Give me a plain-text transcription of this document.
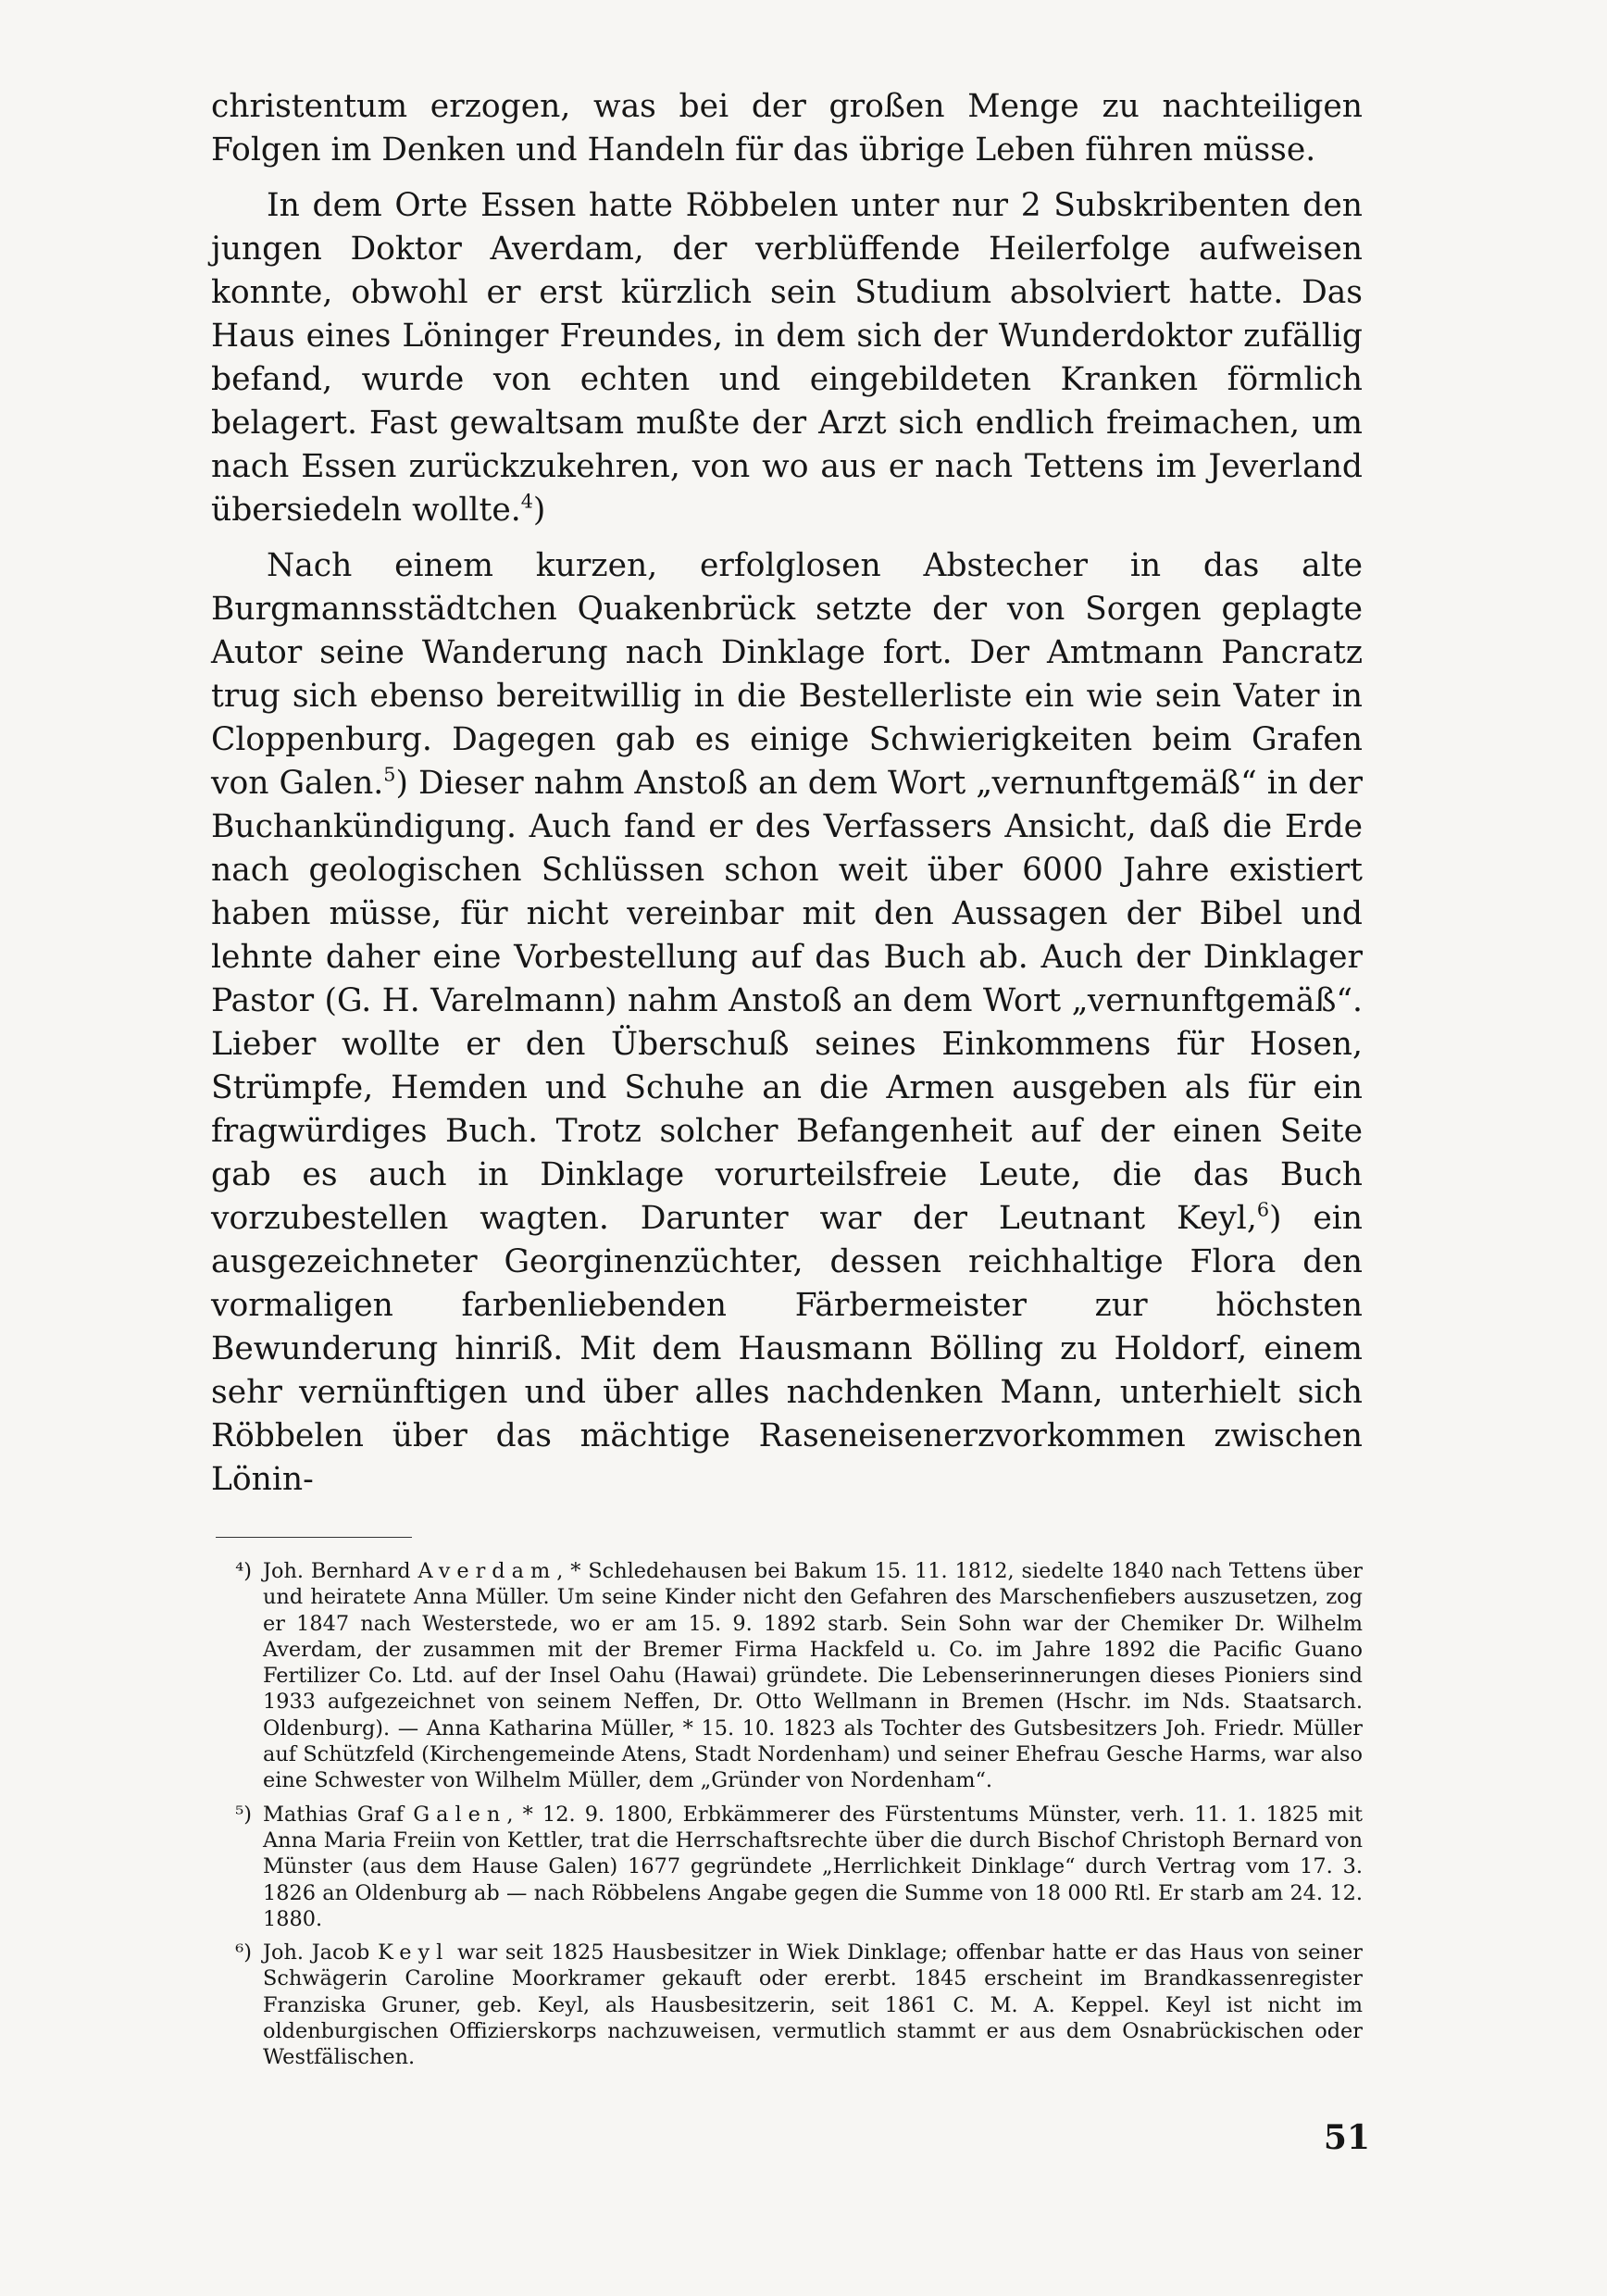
christentum erzogen, was bei der großen Menge zu nachteiligen Folgen im Denken und Handeln für das übrige Leben führen müsse.

In dem Orte Essen hatte Röbbelen unter nur 2 Subskribenten den jungen Doktor Averdam, der verblüffende Heilerfolge aufweisen konnte, obwohl er erst kürzlich sein Studium absolviert hatte. Das Haus eines Löninger Freundes, in dem sich der Wunderdoktor zufällig befand, wurde von echten und eingebildeten Kranken förmlich belagert. Fast gewaltsam mußte der Arzt sich endlich freimachen, um nach Essen zurückzukehren, von wo aus er nach Tettens im Jeverland übersiedeln wollte.$^4$)

Nach einem kurzen, erfolglosen Abstecher in das alte Burgmannsstädtchen Quakenbrück setzte der von Sorgen geplagte Autor seine Wanderung nach Dinklage fort. Der Amtmann Pancratz trug sich ebenso bereitwillig in die Bestellerliste ein wie sein Vater in Cloppenburg. Dagegen gab es einige Schwierigkeiten beim Grafen von Galen.$^5$) Dieser nahm Anstoß an dem Wort „vernunftgemäß“ in der Buchankündigung. Auch fand er des Verfassers Ansicht, daß die Erde nach geologischen Schlüssen schon weit über 6000 Jahre existiert haben müsse, für nicht vereinbar mit den Aussagen der Bibel und lehnte daher eine Vorbestellung auf das Buch ab. Auch der Dinklager Pastor (G. H. Varelmann) nahm Anstoß an dem Wort „vernunftgemäß“. Lieber wollte er den Überschuß seines Einkommens für Hosen, Strümpfe, Hemden und Schuhe an die Armen ausgeben als für ein fragwürdiges Buch. Trotz solcher Befangenheit auf der einen Seite gab es auch in Dinklage vorurteilsfreie Leute, die das Buch vorzubestellen wagten. Darunter war der Leutnant Keyl,$^6$) ein ausgezeichneter Georginenzüchter, dessen reichhaltige Flora den vormaligen farbenliebenden Färbermeister zur höchsten Bewunderung hinriß. Mit dem Hausmann Bölling zu Holdorf, einem sehr vernünftigen und über alles nachdenken Mann, unterhielt sich Röbbelen über das mächtige Raseneisenerzvorkommen zwischen Lönin-

⁴) Joh. Bernhard Averdam, * Schledehausen bei Bakum 15. 11. 1812, siedelte 1840 nach Tettens über und heiratete Anna Müller. Um seine Kinder nicht den Gefahren des Marschenfiebers auszusetzen, zog er 1847 nach Westerstede, wo er am 15. 9. 1892 starb. Sein Sohn war der Chemiker Dr. Wilhelm Averdam, der zusammen mit der Bremer Firma Hackfeld u. Co. im Jahre 1892 die Pacific Guano Fertilizer Co. Ltd. auf der Insel Oahu (Hawai) gründete. Die Lebenserinnerungen dieses Pioniers sind 1933 aufgezeichnet von seinem Neffen, Dr. Otto Wellmann in Bremen (Hschr. im Nds. Staatsarch. Oldenburg). — Anna Katharina Müller, * 15. 10. 1823 als Tochter des Gutsbesitzers Joh. Friedr. Müller auf Schützfeld (Kirchengemeinde Atens, Stadt Nordenham) und seiner Ehefrau Gesche Harms, war also eine Schwester von Wilhelm Müller, dem „Gründer von Nordenham“.
⁵) Mathias Graf Galen, * 12. 9. 1800, Erbkämmerer des Fürstentums Münster, verh. 11. 1. 1825 mit Anna Maria Freiin von Kettler, trat die Herrschaftsrechte über die durch Bischof Christoph Bernard von Münster (aus dem Hause Galen) 1677 gegründete „Herrlichkeit Dinklage“ durch Vertrag vom 17. 3. 1826 an Oldenburg ab — nach Röbbelens Angabe gegen die Summe von 18 000 Rtl. Er starb am 24. 12. 1880.
⁶) Joh. Jacob Keyl war seit 1825 Hausbesitzer in Wiek Dinklage; offenbar hatte er das Haus von seiner Schwägerin Caroline Moorkramer gekauft oder ererbt. 1845 erscheint im Brandkassenregister Franziska Gruner, geb. Keyl, als Hausbesitzerin, seit 1861 C. M. A. Keppel. Keyl ist nicht im oldenburgischen Offizierskorps nachzuweisen, vermutlich stammt er aus dem Osnabrückischen oder Westfälischen.
51
